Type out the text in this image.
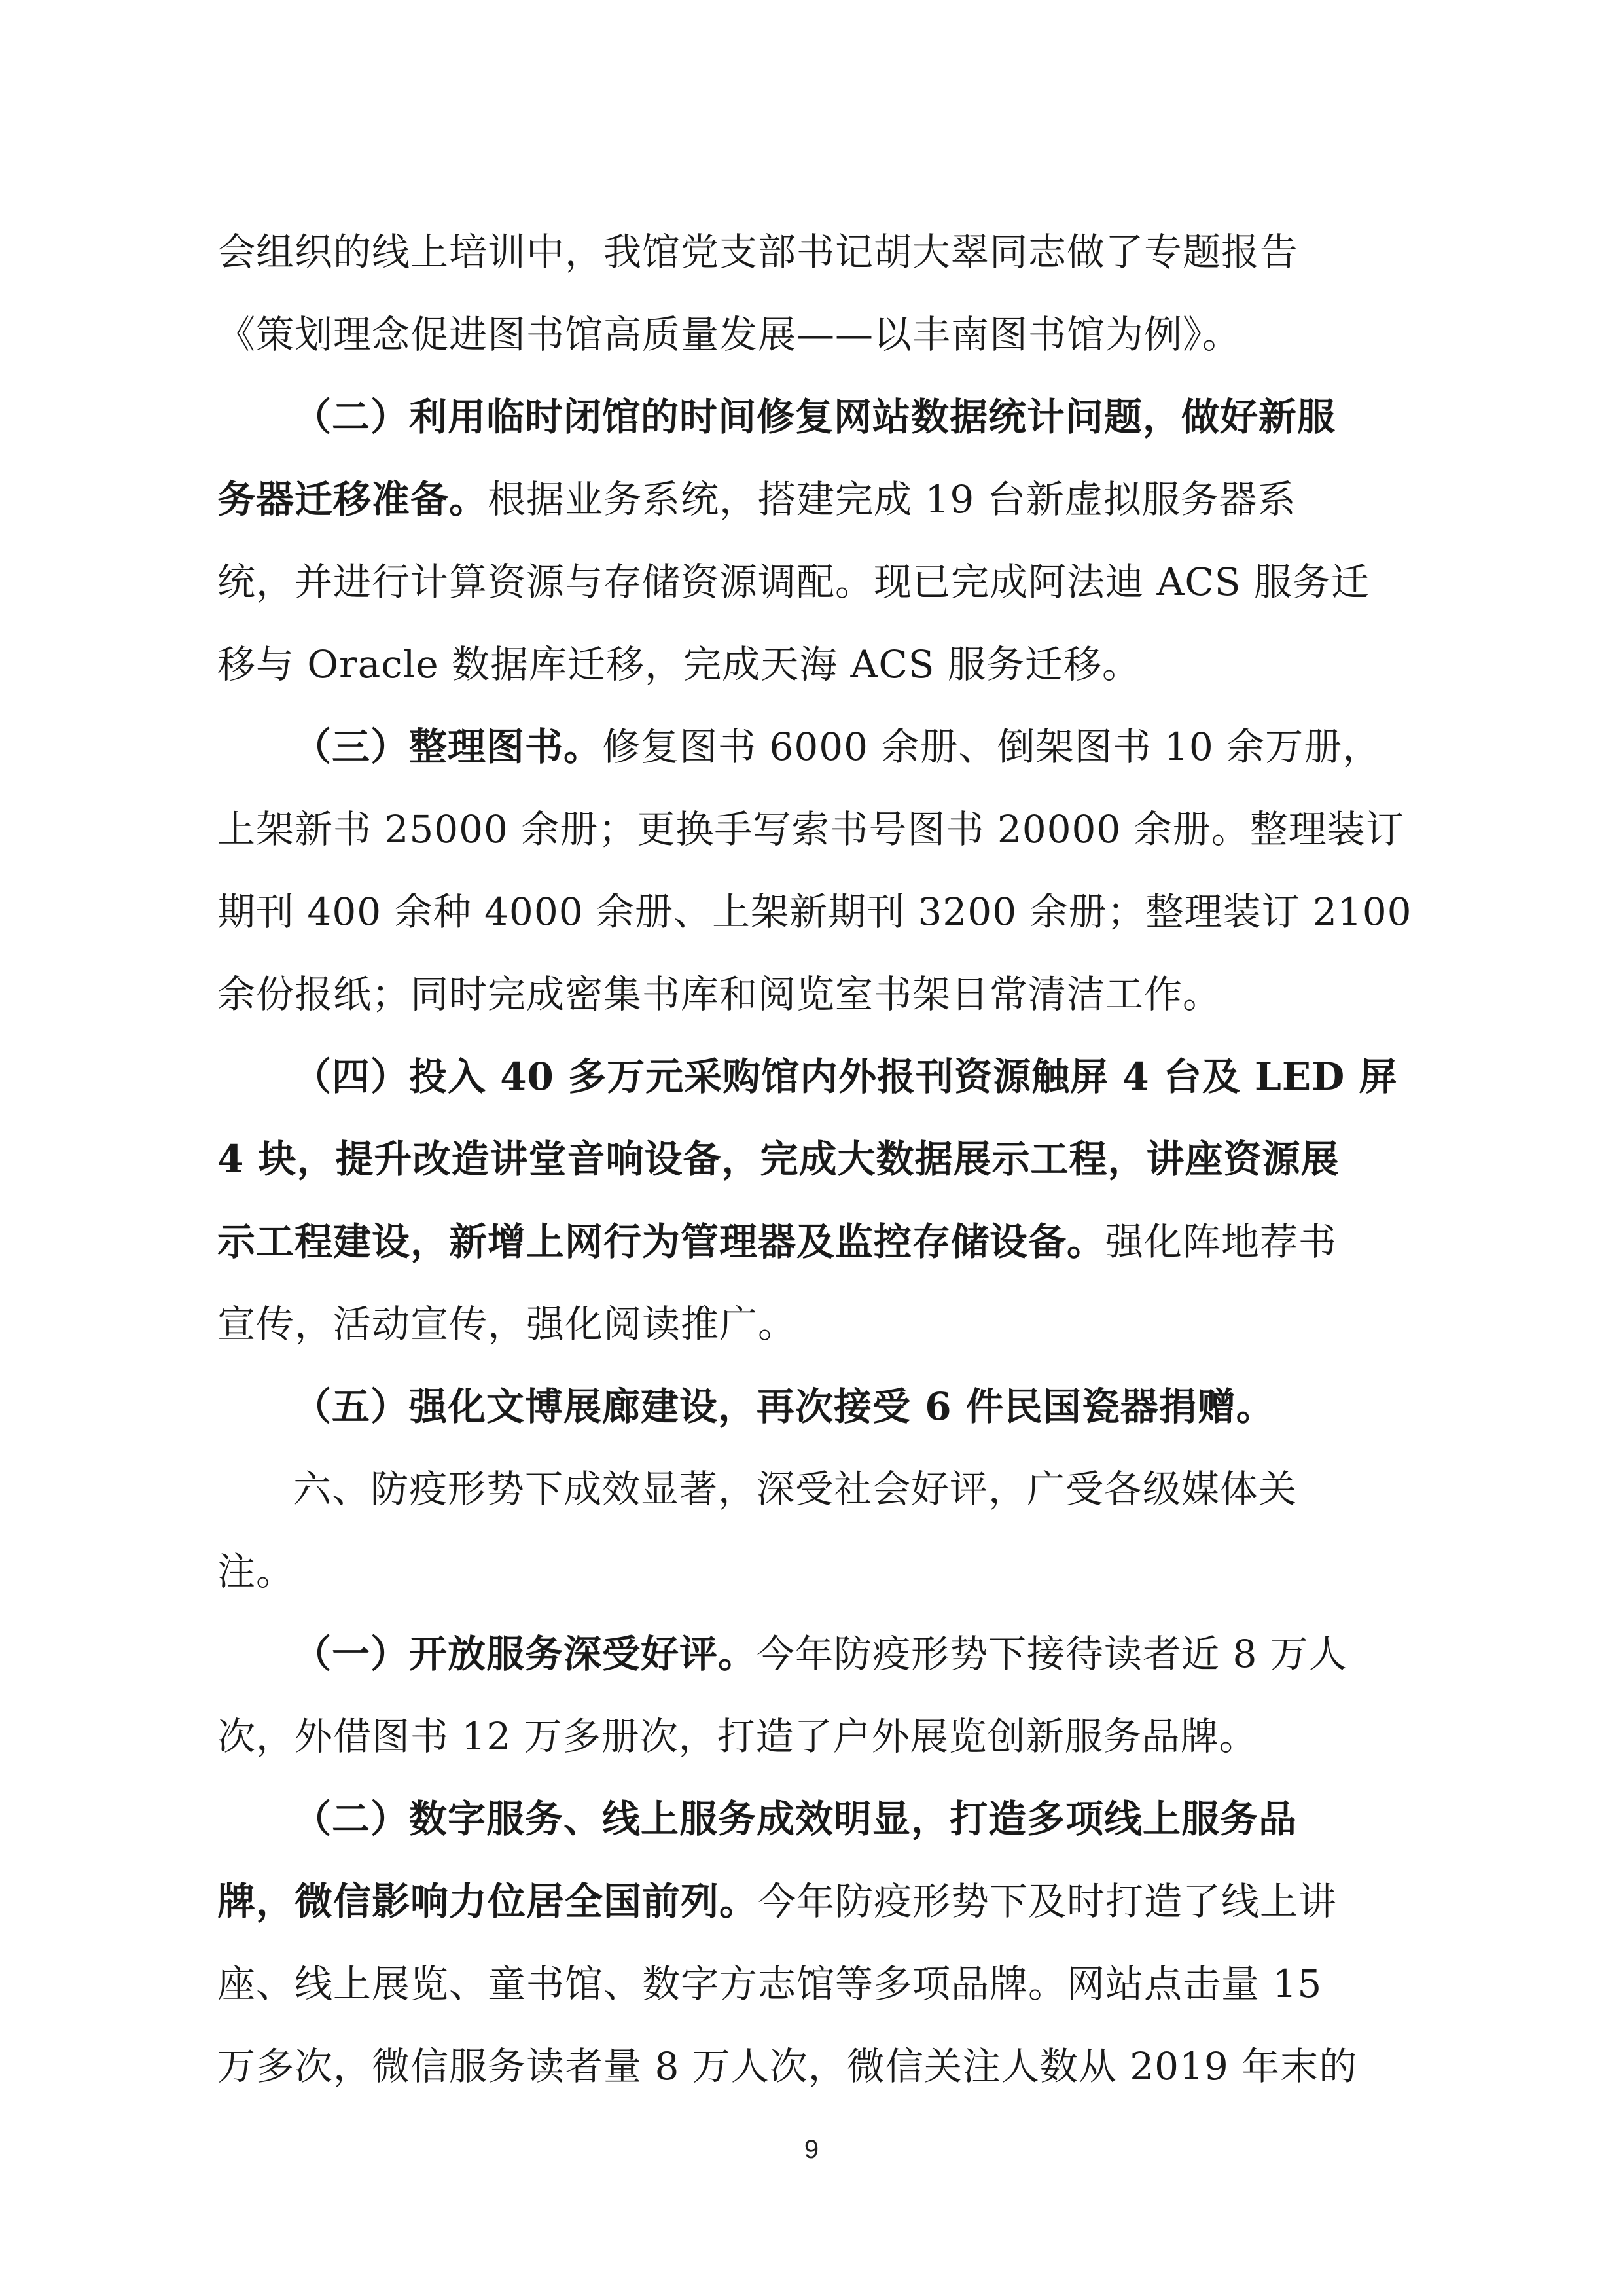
会组织的线上培训中，我馆党支部书记胡大翠同志做了专题报告
《策划理念促进图书馆高质量发展——以丰南图书馆为例》。
（二）利用临时闭馆的时间修复网站数据统计问题，做好新服
务器迁移准备。根据业务系统，搭建完成 19 台新虚拟服务器系
统，并进行计算资源与存储资源调配。现已完成阿法迪 ACS 服务迁
移与 Oracle 数据库迁移，完成天海 ACS 服务迁移。
（三）整理图书。修复图书 6000 余册、倒架图书 10 余万册，
上架新书 25000 余册；更换手写索书号图书 20000 余册。整理装订
期刊 400 余种 4000 余册、上架新期刊 3200 余册；整理装订 2100
余份报纸；同时完成密集书库和阅览室书架日常清洁工作。
（四）投入 40 多万元采购馆内外报刊资源触屏 4 台及 LED 屏
4 块，提升改造讲堂音响设备，完成大数据展示工程，讲座资源展
示工程建设，新增上网行为管理器及监控存储设备。强化阵地荐书
宣传，活动宣传，强化阅读推广。
（五）强化文博展廊建设，再次接受 6 件民国瓷器捐赠。
六、防疫形势下成效显著，深受社会好评，广受各级媒体关
注。
（一）开放服务深受好评。今年防疫形势下接待读者近 8 万人
次，外借图书 12 万多册次，打造了户外展览创新服务品牌。
（二）数字服务、线上服务成效明显，打造多项线上服务品
牌，微信影响力位居全国前列。今年防疫形势下及时打造了线上讲
座、线上展览、童书馆、数字方志馆等多项品牌。网站点击量 15
万多次，微信服务读者量 8 万人次，微信关注人数从 2019 年末的
9
